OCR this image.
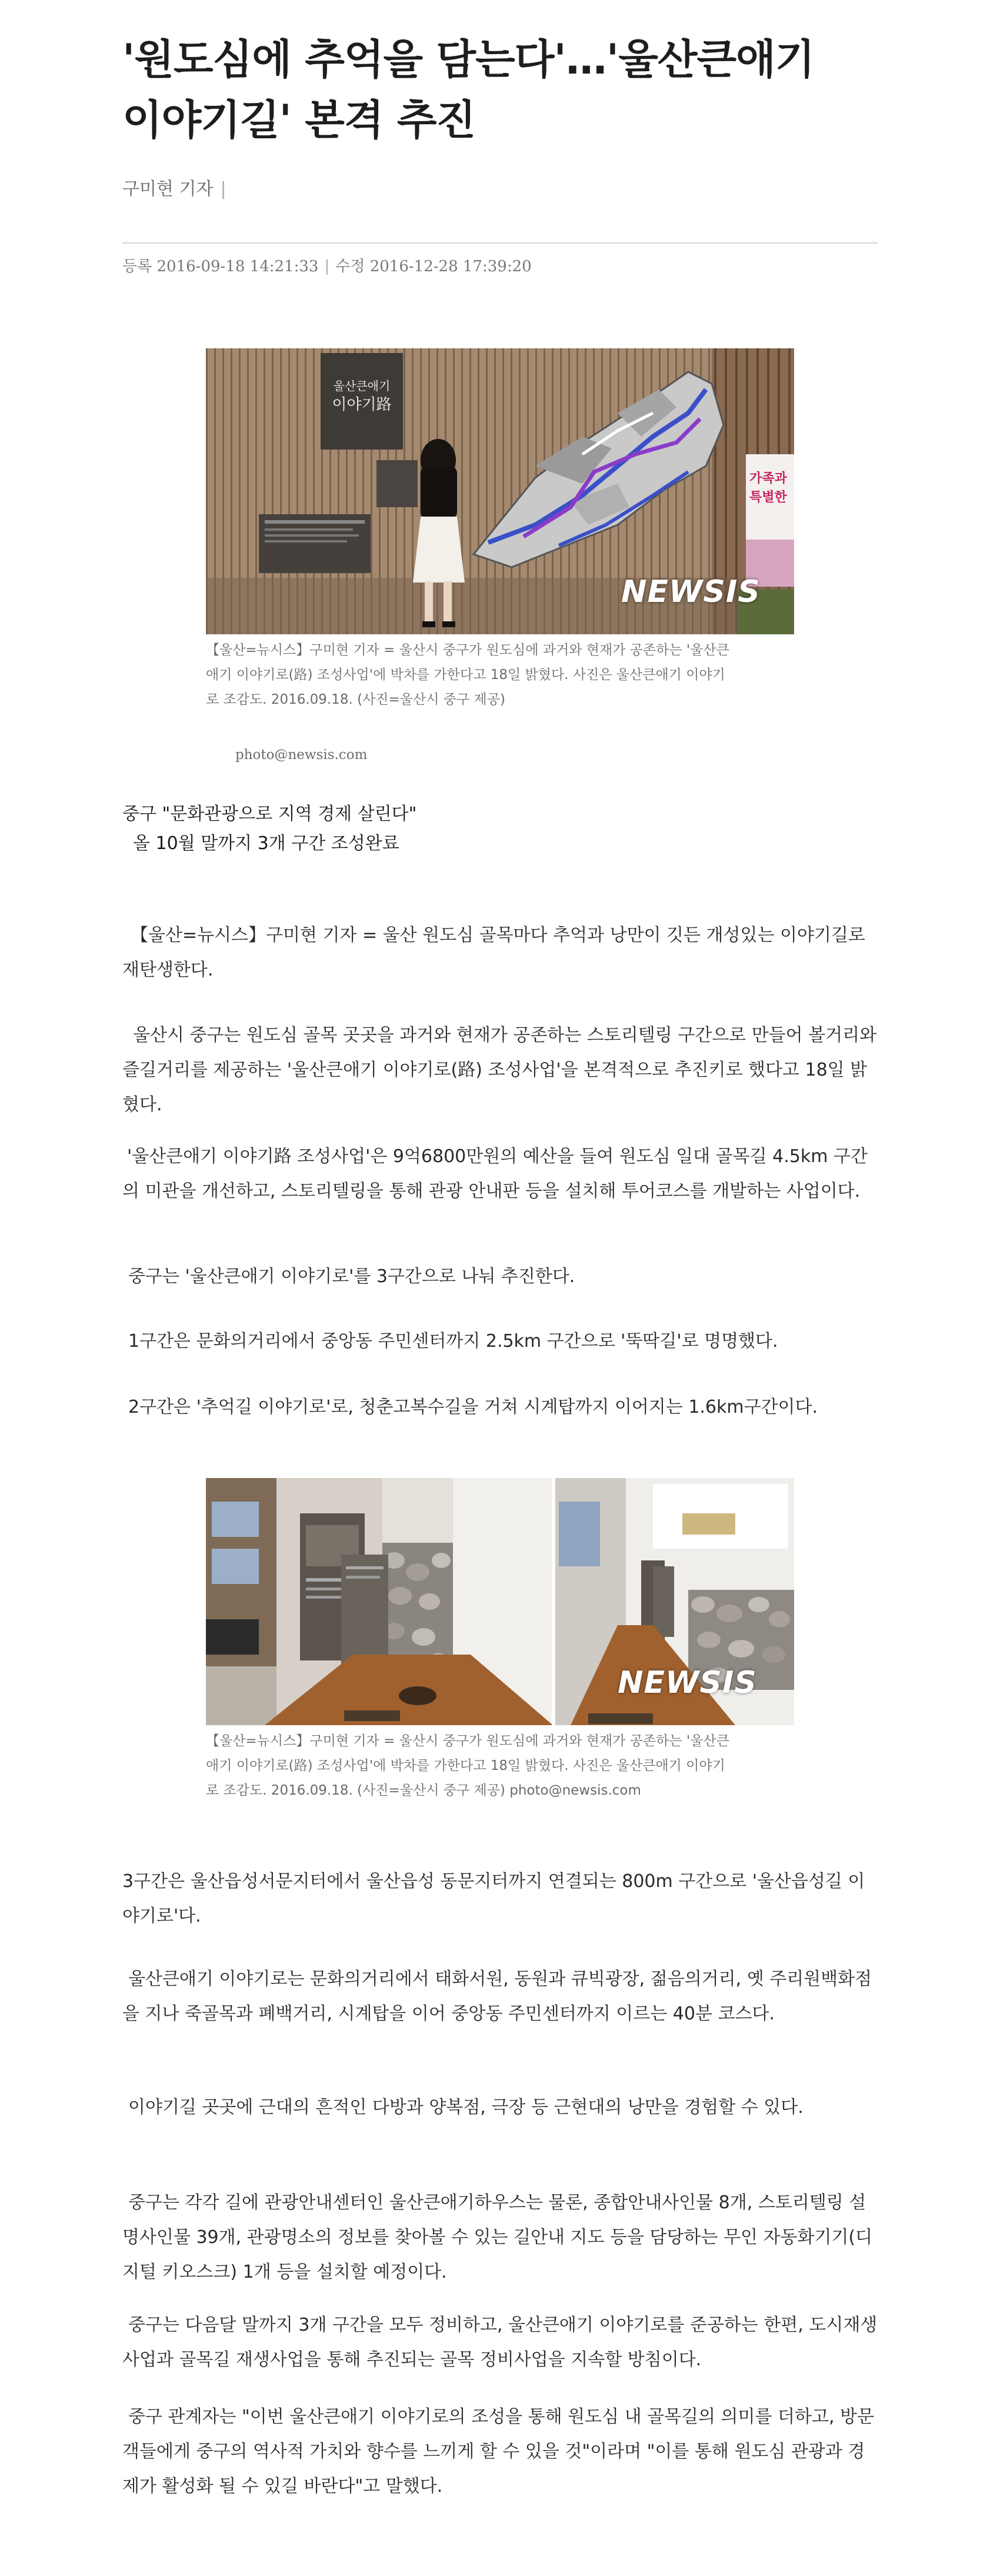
'원도심에 추억을 담는다'…'울산큰애기
이야기길' 본격 추진
구미현 기자 |
등록 2016-09-18 14:21:33 | 수정 2016-12-28 17:39:20
울산큰애기
이야기路
가족과
특별한
NEWSIS
【울산=뉴시스】구미현 기자 = 울산시 중구가 원도심에 과거와 현재가 공존하는 '울산큰애기 이야기로(路) 조성사업'에 박차를 가한다고 18일 밝혔다. 사진은 울산큰애기 이야기로 조감도. 2016.09.18. (사진=울산시 중구 제공)
photo@newsis.com
중구 "문화관광으로 지역 경제 살린다"
올 10월 말까지 3개 구간 조성완료

【울산=뉴시스】구미현 기자 = 울산 원도심 골목마다 추억과 낭만이 깃든 개성있는 이야기길로 재탄생한다.

울산시 중구는 원도심 골목 곳곳을 과거와 현재가 공존하는 스토리텔링 구간으로 만들어 볼거리와 즐길거리를 제공하는 '울산큰애기 이야기로(路) 조성사업'을 본격적으로 추진키로 했다고 18일 밝혔다.

'울산큰애기 이야기路 조성사업'은 9억6800만원의 예산을 들여 원도심 일대 골목길 4.5km 구간의 미관을 개선하고, 스토리텔링을 통해 관광 안내판 등을 설치해 투어코스를 개발하는 사업이다.

중구는 '울산큰애기 이야기로'를 3구간으로 나눠 추진한다.

1구간은 문화의거리에서 중앙동 주민센터까지 2.5km 구간으로 '뚝딱길'로 명명했다.

2구간은 '추억길 이야기로'로, 청춘고복수길을 거쳐 시계탑까지 이어지는 1.6km구간이다.

NEWSIS
【울산=뉴시스】구미현 기자 = 울산시 중구가 원도심에 과거와 현재가 공존하는 '울산큰애기 이야기로(路) 조성사업'에 박차를 가한다고 18일 밝혔다. 사진은 울산큰애기 이야기로 조감도. 2016.09.18. (사진=울산시 중구 제공) photo@newsis.com

3구간은 울산읍성서문지터에서 울산읍성 동문지터까지 연결되는 800m 구간으로 '울산읍성길 이야기로'다.

울산큰애기 이야기로는 문화의거리에서 태화서원, 동원과 큐빅광장, 젊음의거리, 옛 주리원백화점을 지나 죽골목과 폐백거리, 시계탑을 이어 중앙동 주민센터까지 이르는 40분 코스다.

이야기길 곳곳에 근대의 흔적인 다방과 양복점, 극장 등 근현대의 낭만을 경험할 수 있다.

중구는 각각 길에 관광안내센터인 울산큰애기하우스는 물론, 종합안내사인물 8개, 스토리텔링 설명사인물 39개, 관광명소의 정보를 찾아볼 수 있는 길안내 지도 등을 담당하는 무인 자동화기기(디지털 키오스크) 1개 등을 설치할 예정이다.

중구는 다음달 말까지 3개 구간을 모두 정비하고, 울산큰애기 이야기로를 준공하는 한편, 도시재생사업과 골목길 재생사업을 통해 추진되는 골목 정비사업을 지속할 방침이다.

중구 관계자는 "이번 울산큰애기 이야기로의 조성을 통해 원도심 내 골목길의 의미를 더하고, 방문객들에게 중구의 역사적 가치와 향수를 느끼게 할 수 있을 것"이라며 "이를 통해 원도심 관광과 경제가 활성화 될 수 있길 바란다"고 말했다.
